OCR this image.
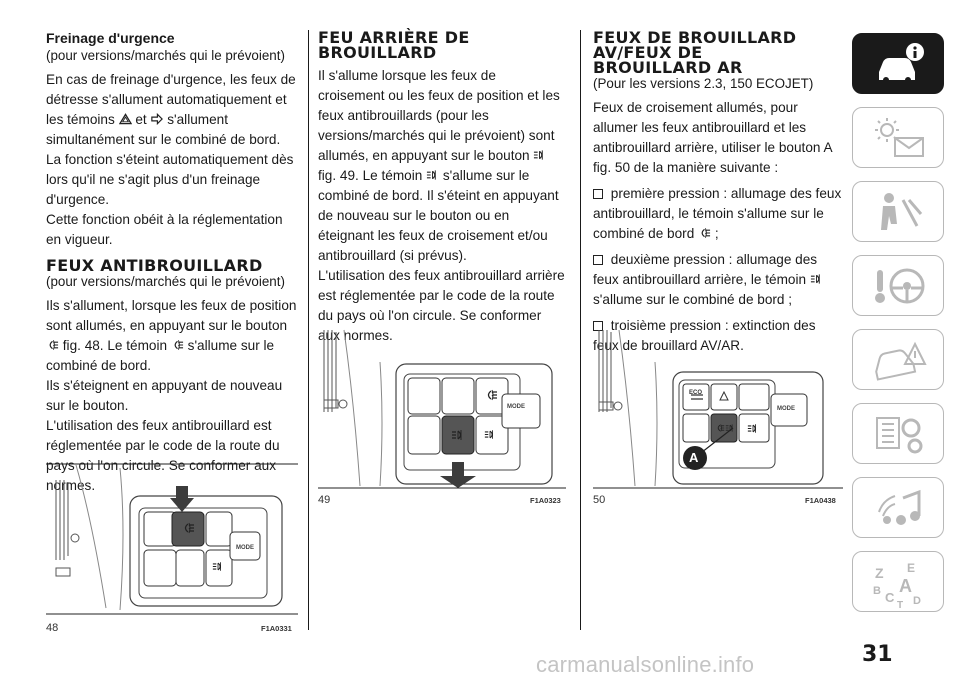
Freinage d'urgence
(pour versions/marchés qui le prévoient)

En cas de freinage d'urgence, les feux de détresse s'allument automatiquement et les témoins et s'allument simultanément sur le combiné de bord. La fonction s'éteint automatiquement dès lors qu'il ne s'agit plus d'un freinage d'urgence.

Cette fonction obéit à la réglementation en vigueur.
FEUX ANTIBROUILLARD
(pour versions/marchés qui le prévoient)

Ils s'allument, lorsque les feux de position sont allumés, en appuyant sur le bouton  fig. 48. Le témoin s'allume sur le combiné de bord.

Ils s'éteignent en appuyant de nouveau sur le bouton.
L'utilisation des feux antibrouillard est réglementée par le code de la route du pays où l'on circule. Se conformer aux normes.
FEU ARRIÈRE DE
BROUILLARD

Il s'allume lorsque les feux de croisement ou les feux de position et les feux antibrouillards (pour les versions/marchés qui le prévoient) sont allumés, en appuyant sur le bouton  fig. 49. Le témoin s'allume sur le combiné de bord. Il s'éteint en appuyant de nouveau sur le bouton ou en éteignant les feux de croisement et/ou antibrouillard (si prévus).

L'utilisation des feux antibrouillard arrière est réglementée par le code de la route du pays où l'on circule. Se conformer aux normes.
FEUX DE BROUILLARD
AV/FEUX DE
BROUILLARD AR
(Pour les versions 2.3, 150 ECOJET)

Feux de croisement allumés, pour allumer les feux antibrouillard et les antibrouillard arrière, utiliser le bouton A fig. 50 de la manière suivante :

première pression : allumage des feux antibrouillard, le témoin s'allume sur le combiné de bord ;

deuxième pression : allumage des feux antibrouillard arrière, le témoin  s'allume sur le combiné de bord ;

troisième pression : extinction des feux de brouillard AV/AR.

MODE
48	F1A0331
MODE
49	F1A0323
ECO
MODE
A
50	F1A0438
Z E
B A
C D
T
31
carmanualsonline.info
